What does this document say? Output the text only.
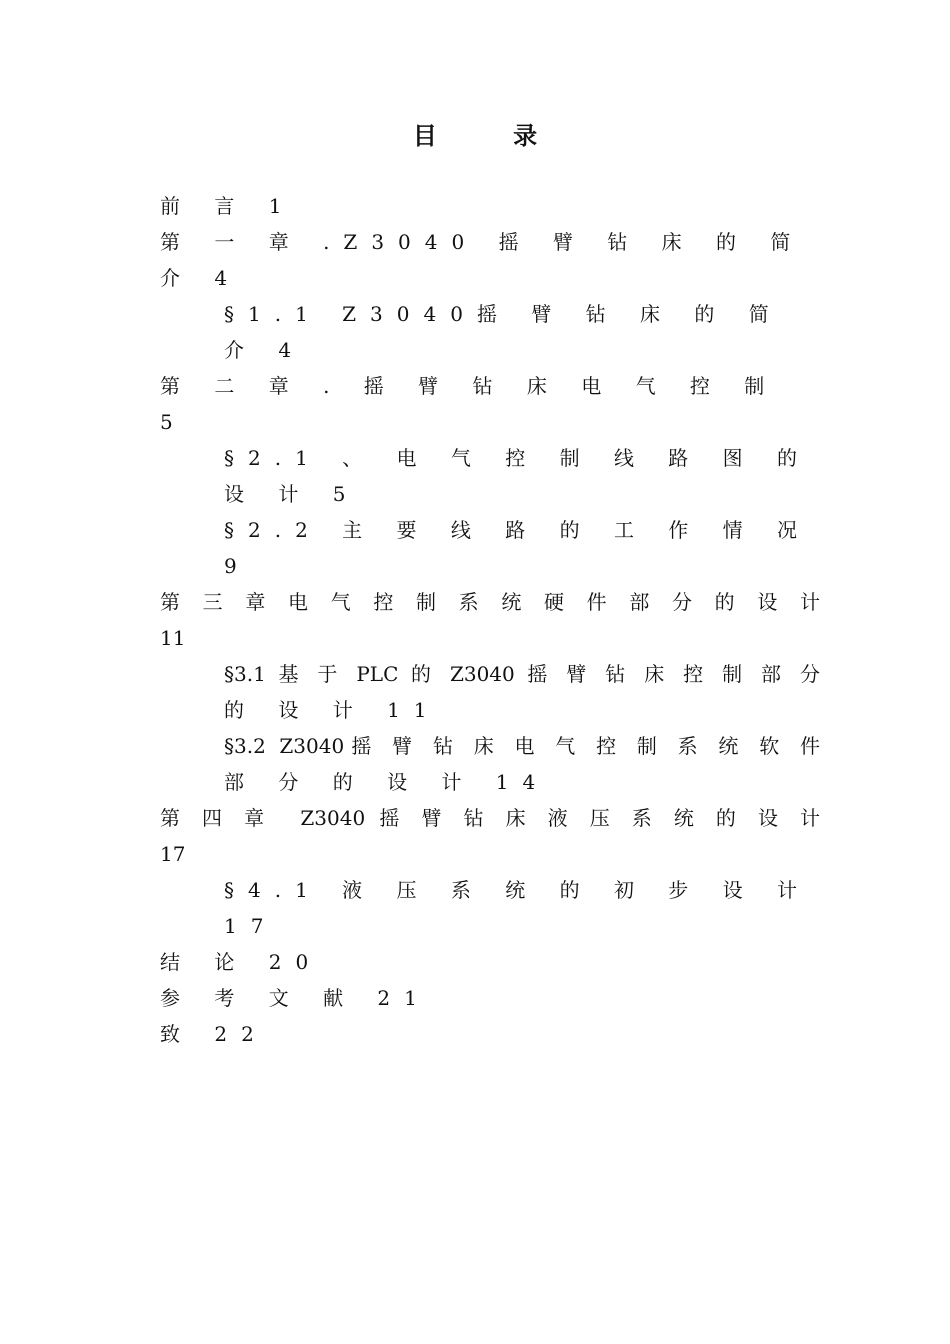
目 录

前 言 1

第 一 章 .Z3040 摇 臂 钻 床 的 简 介 4

§1.1 Z3040摇 臂 钻 床 的 简 介 4

第 二 章 . 摇 臂 钻 床 电 气 控 制 5

§2.1 、 电 气 控 制 线 路 图 的 设 计 5

§2.2 主 要 线 路 的 工 作 情 况 9

第 三 章 电 气 控 制 系 统 硬 件 部 分 的 设 计

11

§3.1 基 于 PLC 的 Z3040 摇 臂 钻 床 控 制 部 分

的 设 计 11

§3.2 Z3040摇 臂 钻 床 电 气 控 制 系 统 软 件

部 分 的 设 计 14

第 四 章  Z3040 摇 臂 钻 床 液 压 系 统 的 设 计

17

§4.1 液 压 系 统 的 初 步 设 计 17

结 论 20

参 考 文 献 21

致 22
